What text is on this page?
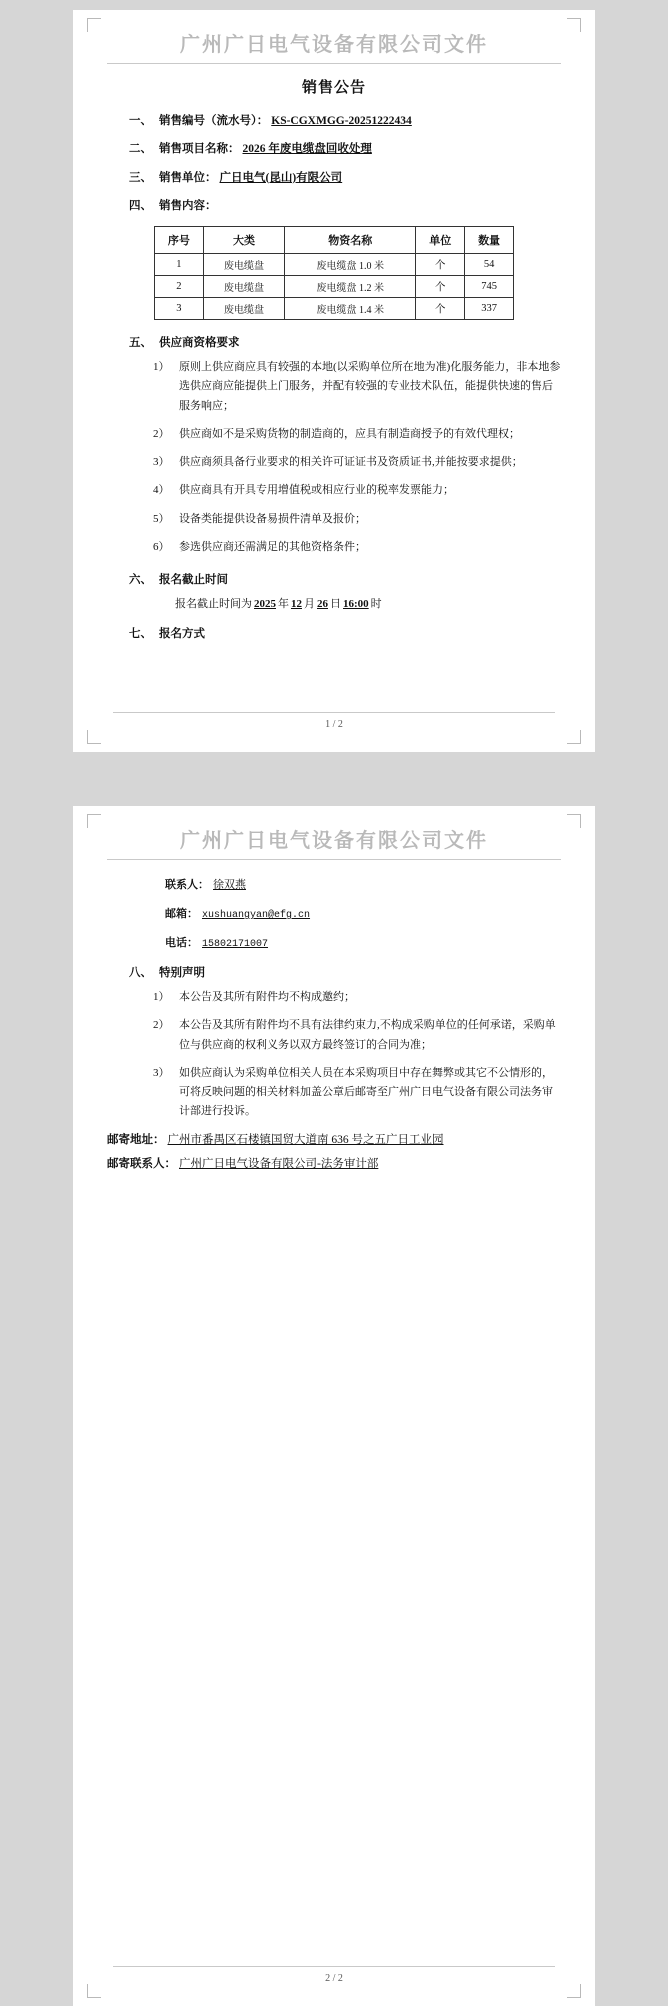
广州广日电气设备有限公司文件
销售公告
一、 销售编号（流水号）： KS-CGXMGG-20251222434
二、 销售项目名称： 2026 年废电缆盘回收处理
三、 销售单位： 广日电气(昆山)有限公司
四、 销售内容：
序号	大类	物资名称	单位	数量
1	废电缆盘	废电缆盘 1.0 米	个	54
2	废电缆盘	废电缆盘 1.2 米	个	745
3	废电缆盘	废电缆盘 1.4 米	个	337
五、 供应商资格要求
1） 原则上供应商应具有较强的本地(以采购单位所在地为准)化服务能力，非本地参选供应商应能提供上门服务，并配有较强的专业技术队伍，能提供快速的售后服务响应；
2） 供应商如不是采购货物的制造商的，应具有制造商授予的有效代理权；
3） 供应商须具备行业要求的相关许可证证书及资质证书,并能按要求提供；
4） 供应商具有开具专用增值税或相应行业的税率发票能力；
5） 设备类能提供设备易损件清单及报价；
6） 参选供应商还需满足的其他资格条件；
六、 报名截止时间
报名截止时间为 2025 年 12 月 26 日 16:00 时
七、 报名方式
1 / 2
广州广日电气设备有限公司文件
联系人： 徐双燕
邮箱： xushuangyan@efg.cn
电话： 15802171007
八、 特别声明
1） 本公告及其所有附件均不构成邀约；
2） 本公告及其所有附件均不具有法律约束力,不构成采购单位的任何承诺，采购单位与供应商的权利义务以双方最终签订的合同为准；
3） 如供应商认为采购单位相关人员在本采购项目中存在舞弊或其它不公情形的，可将反映问题的相关材料加盖公章后邮寄至广州广日电气设备有限公司法务审计部进行投诉。
邮寄地址： 广州市番禺区石楼镇国贸大道南 636 号之五广日工业园
邮寄联系人： 广州广日电气设备有限公司-法务审计部
2 / 2
